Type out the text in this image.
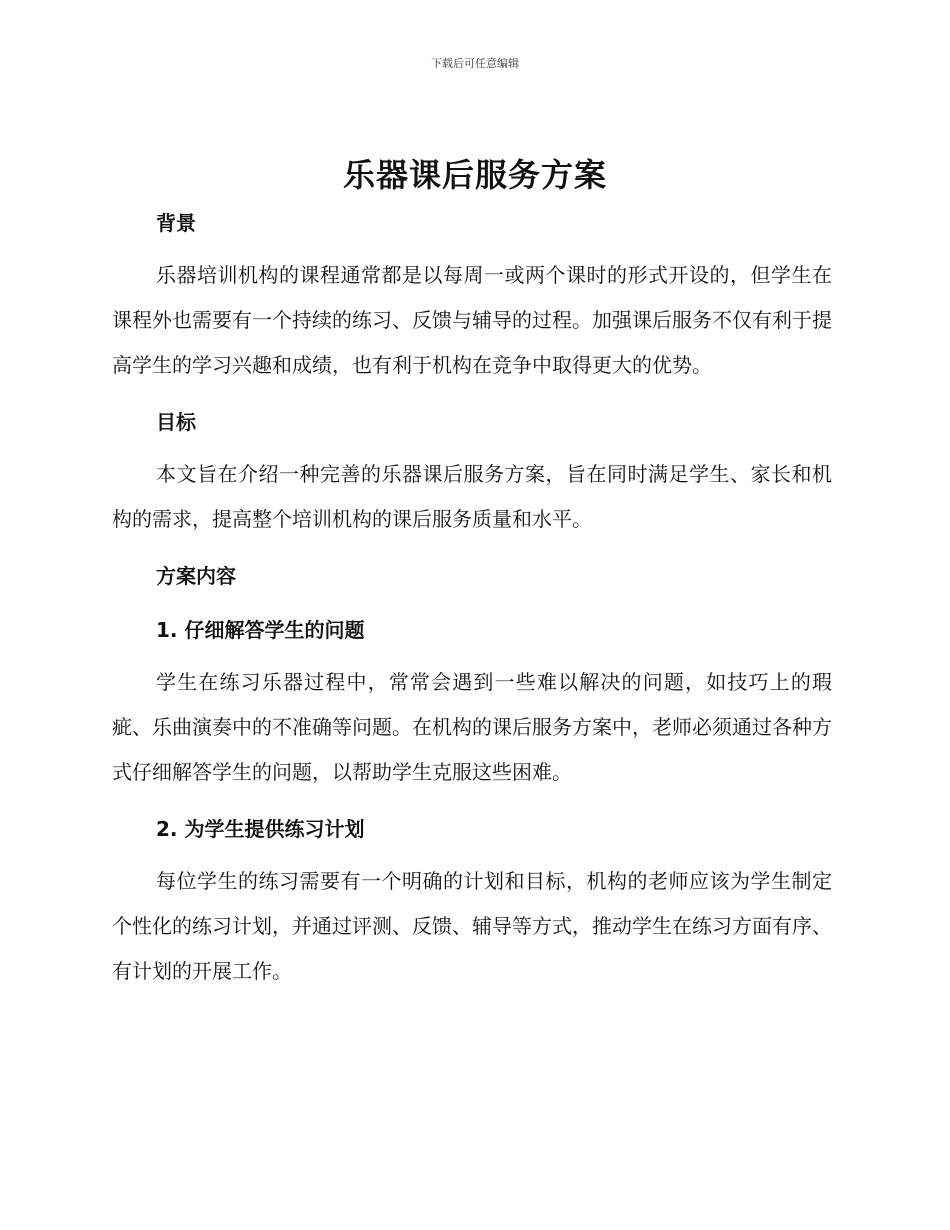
下载后可任意编辑
乐器课后服务方案
背景

乐器培训机构的课程通常都是以每周一或两个课时的形式开设的，但学生在课程外也需要有一个持续的练习、反馈与辅导的过程。加强课后服务不仅有利于提高学生的学习兴趣和成绩，也有利于机构在竞争中取得更大的优势。

目标

本文旨在介绍一种完善的乐器课后服务方案，旨在同时满足学生、家长和机构的需求，提高整个培训机构的课后服务质量和水平。

方案内容
1. 仔细解答学生的问题

学生在练习乐器过程中，常常会遇到一些难以解决的问题，如技巧上的瑕疵、乐曲演奏中的不准确等问题。在机构的课后服务方案中，老师必须通过各种方式仔细解答学生的问题，以帮助学生克服这些困难。

2. 为学生提供练习计划

每位学生的练习需要有一个明确的计划和目标，机构的老师应该为学生制定个性化的练习计划，并通过评测、反馈、辅导等方式，推动学生在练习方面有序、有计划的开展工作。
